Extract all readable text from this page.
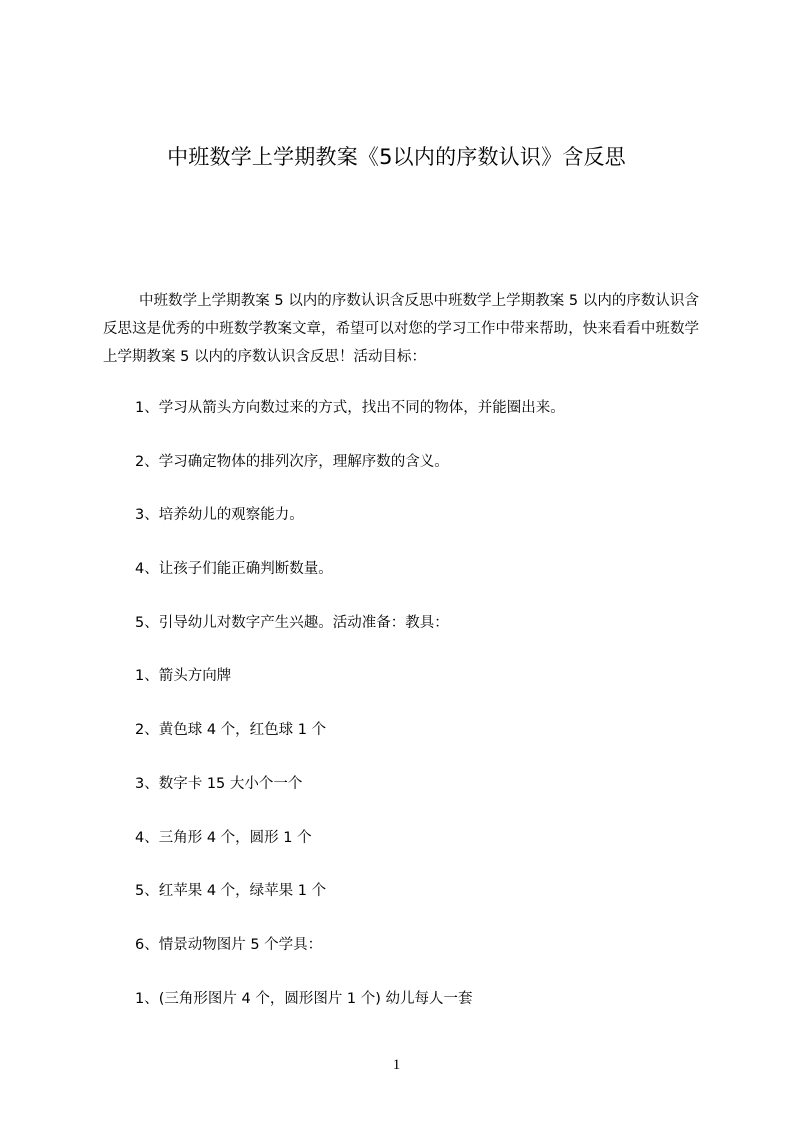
中班数学上学期教案《5以内的序数认识》含反思
中班数学上学期教案 5 以内的序数认识含反思中班数学上学期教案 5 以内的序数认识含反思这是优秀的中班数学教案文章，希望可以对您的学习工作中带来帮助，快来看看中班数学上学期教案 5 以内的序数认识含反思！活动目标：
1、学习从箭头方向数过来的方式，找出不同的物体，并能圈出来。
2、学习确定物体的排列次序，理解序数的含义。
3、培养幼儿的观察能力。
4、让孩子们能正确判断数量。
5、引导幼儿对数字产生兴趣。活动准备：教具：
1、箭头方向牌
2、黄色球 4 个，红色球 1 个
3、数字卡 15 大小个一个
4、三角形 4 个，圆形 1 个
5、红苹果 4 个，绿苹果 1 个
6、情景动物图片 5 个学具：
1、(三角形图片 4 个，圆形图片 1 个) 幼儿每人一套
1
